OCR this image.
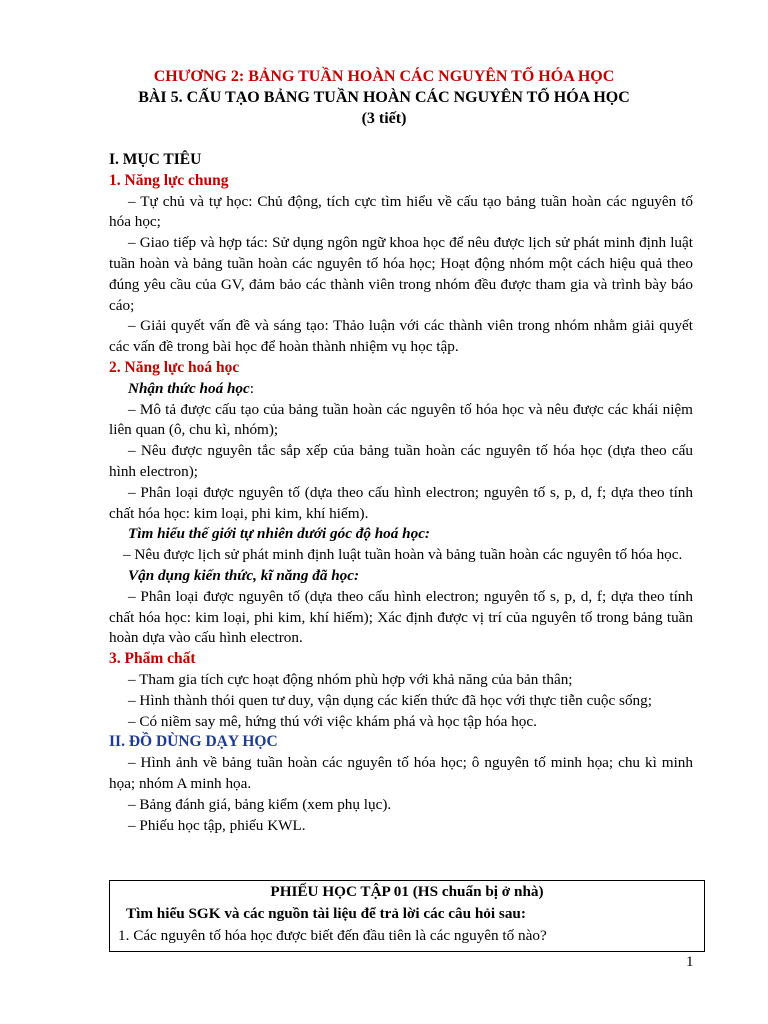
CHƯƠNG 2: BẢNG TUẦN HOÀN CÁC NGUYÊN TỐ HÓA HỌC
BÀI 5. CẤU TẠO BẢNG TUẦN HOÀN CÁC NGUYÊN TỐ HÓA HỌC
(3 tiết)
I. MỤC TIÊU
1. Năng lực chung
– Tự chủ và tự học: Chủ động, tích cực tìm hiểu về cấu tạo bảng tuần hoàn các nguyên tố hóa học;
– Giao tiếp và hợp tác: Sử dụng ngôn ngữ khoa học để nêu được lịch sử phát minh định luật tuần hoàn và bảng tuần hoàn các nguyên tố hóa học; Hoạt động nhóm một cách hiệu quả theo đúng yêu cầu của GV, đảm bảo các thành viên trong nhóm đều được tham gia và trình bày báo cáo;
– Giải quyết vấn đề và sáng tạo: Thảo luận với các thành viên trong nhóm nhằm giải quyết các vấn đề trong bài học để hoàn thành nhiệm vụ học tập.
2. Năng lực hoá học
Nhận thức hoá học:
– Mô tả được cấu tạo của bảng tuần hoàn các nguyên tố hóa học và nêu được các khái niệm liên quan (ô, chu kì, nhóm);
– Nêu được nguyên tắc sắp xếp của bảng tuần hoàn các nguyên tố hóa học (dựa theo cấu hình electron);
– Phân loại được nguyên tố (dựa theo cấu hình electron; nguyên tố s, p, d, f; dựa theo tính chất hóa học: kim loại, phi kim, khí hiếm).
Tìm hiểu thế giới tự nhiên dưới góc độ hoá học:
– Nêu được lịch sử phát minh định luật tuần hoàn và bảng tuần hoàn các nguyên tố hóa học.
Vận dụng kiến thức, kĩ năng đã học:
– Phân loại được nguyên tố (dựa theo cấu hình electron; nguyên tố s, p, d, f; dựa theo tính chất hóa học: kim loại, phi kim, khí hiếm); Xác định được vị trí của nguyên tố trong bảng tuần hoàn dựa vào cấu hình electron.
3. Phẩm chất
– Tham gia tích cực hoạt động nhóm phù hợp với khả năng của bản thân;
– Hình thành thói quen tư duy, vận dụng các kiến thức đã học với thực tiễn cuộc sống;
– Có niềm say mê, hứng thú với việc khám phá và học tập hóa học.
II. ĐỒ DÙNG DẠY HỌC
– Hình ảnh về bảng tuần hoàn các nguyên tố hóa học; ô nguyên tố minh họa; chu kì minh họa; nhóm A minh họa.
– Bảng đánh giá, bảng kiểm (xem phụ lục).
– Phiếu học tập, phiếu KWL.
PHIẾU HỌC TẬP 01 (HS chuẩn bị ở nhà)
Tìm hiểu SGK và các nguồn tài liệu để trả lời các câu hỏi sau:
1. Các nguyên tố hóa học được biết đến đầu tiên là các nguyên tố nào?
1
